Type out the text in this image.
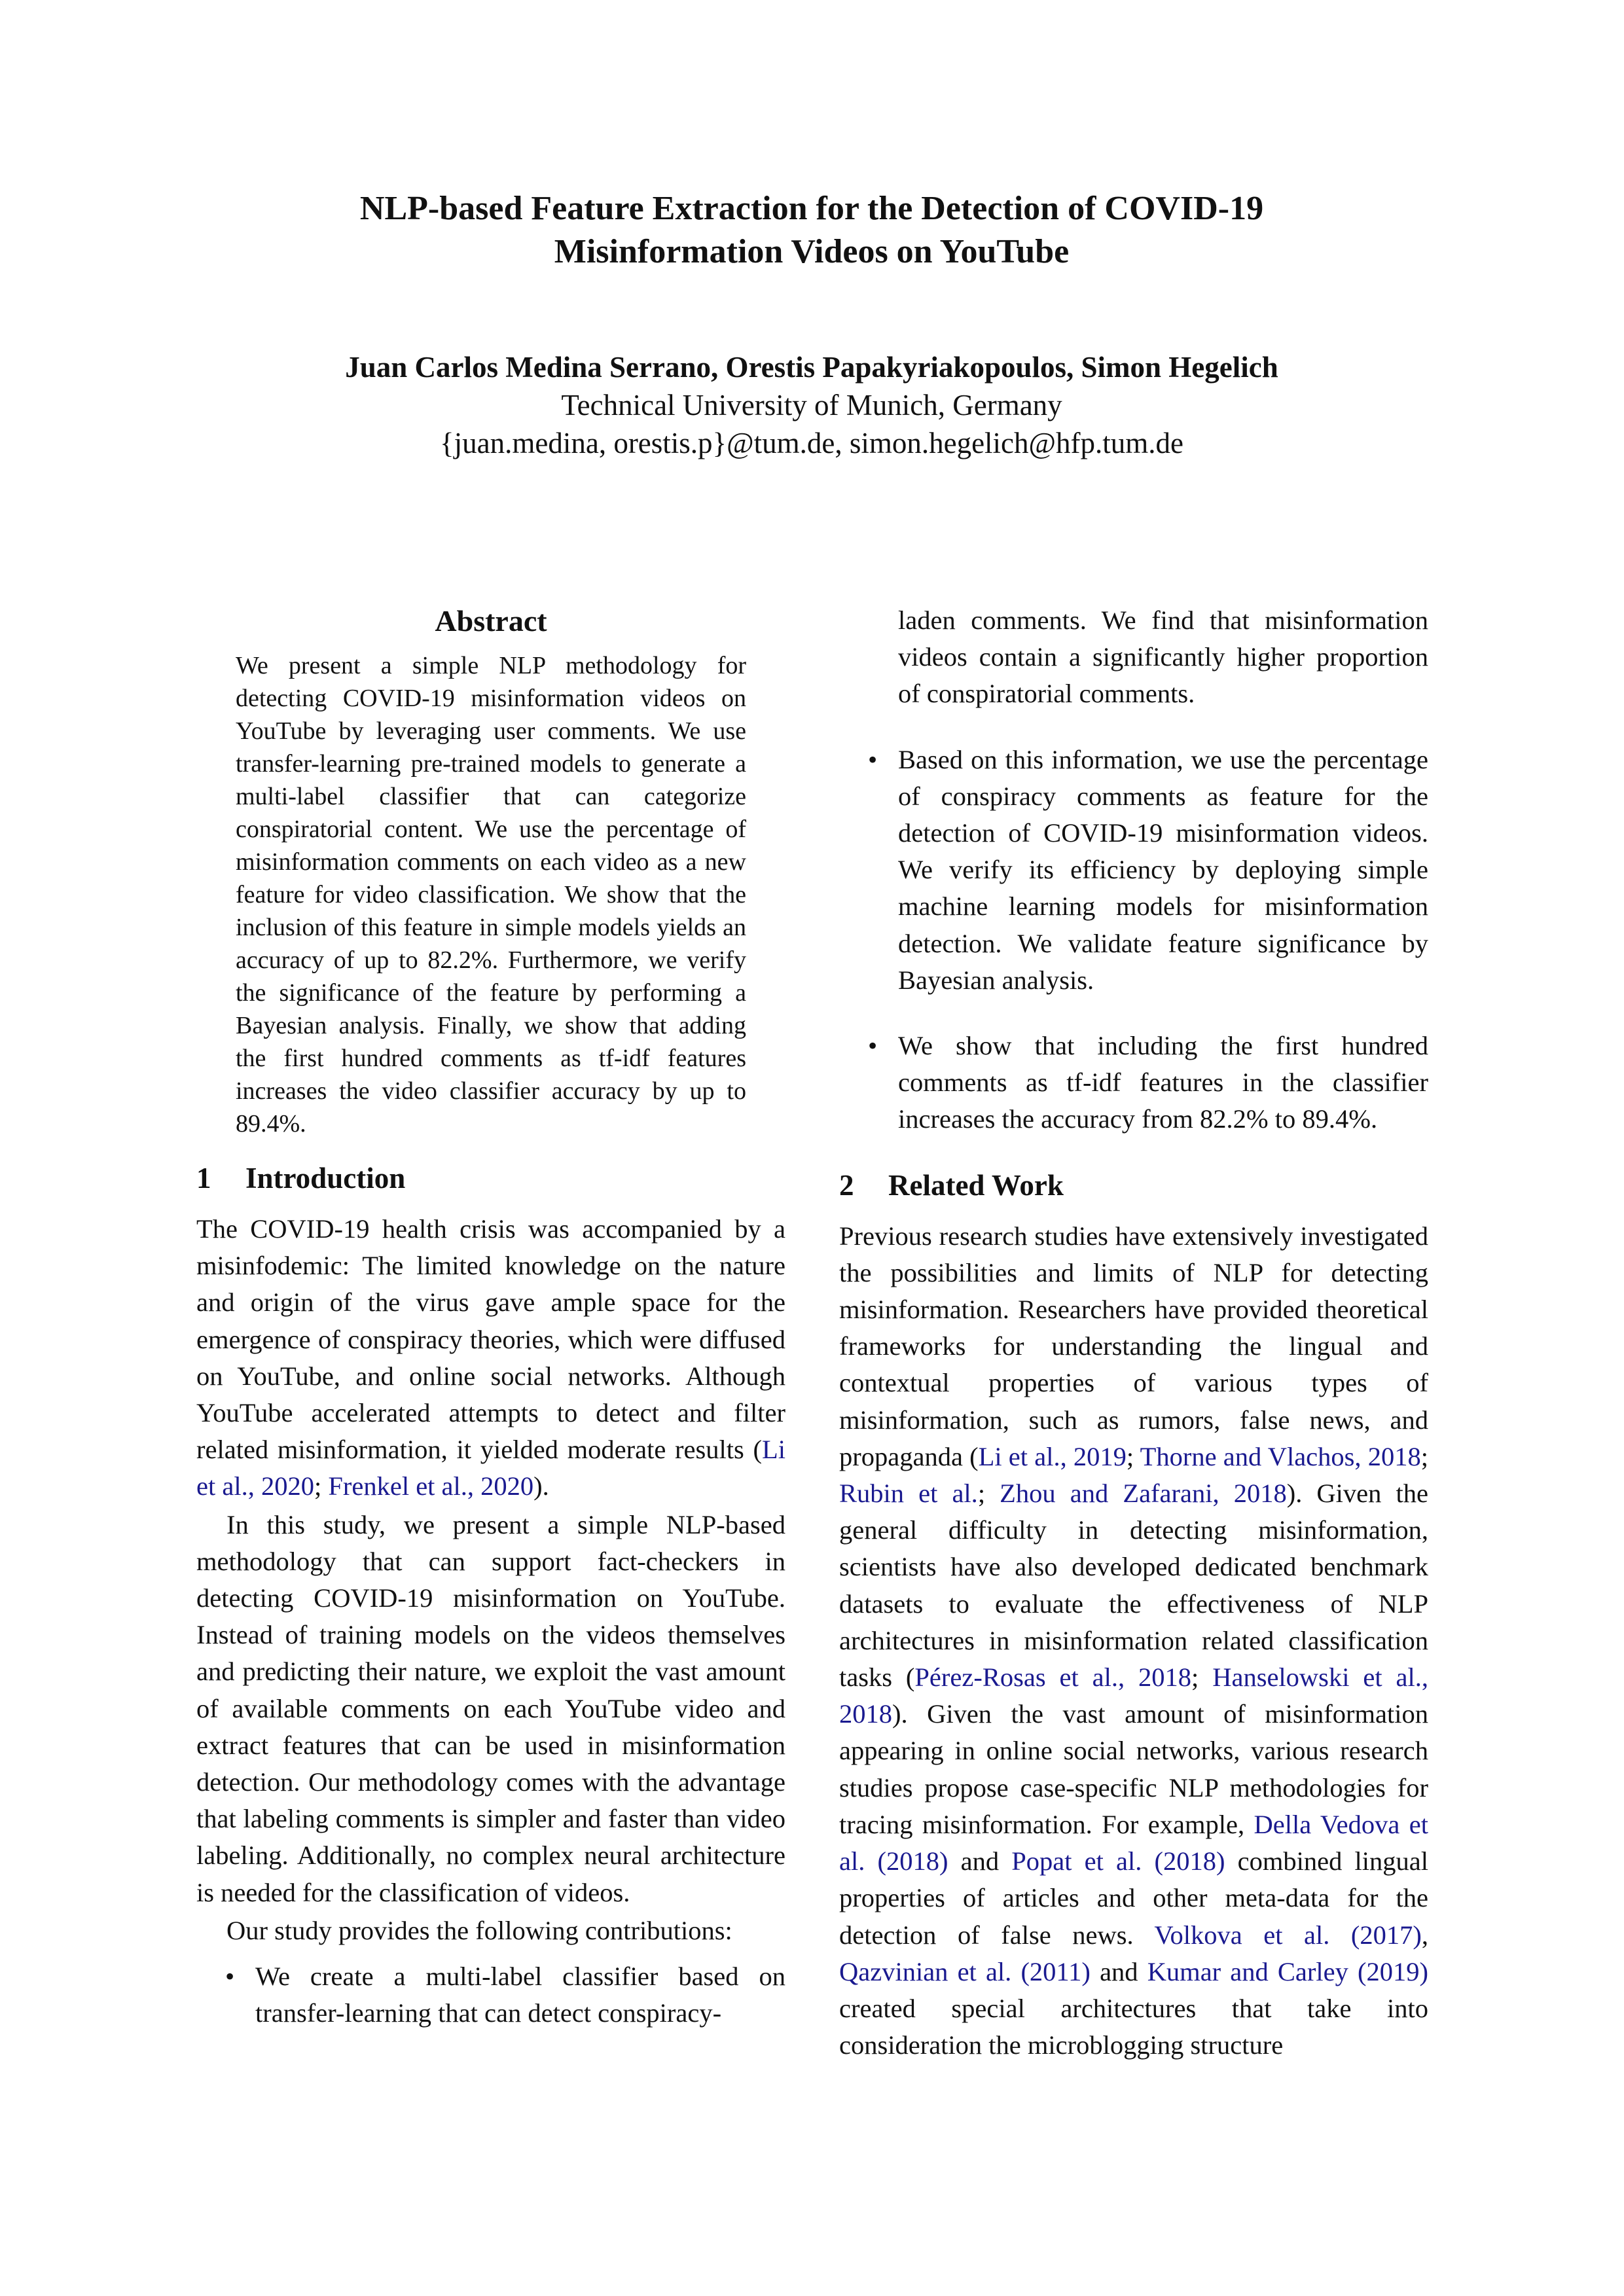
NLP-based Feature Extraction for the Detection of COVID-19
Misinformation Videos on YouTube
Juan Carlos Medina Serrano, Orestis Papakyriakopoulos, Simon Hegelich
Technical University of Munich, Germany
{juan.medina, orestis.p}@tum.de, simon.hegelich@hfp.tum.de
Abstract

We present a simple NLP methodology for detecting COVID-19 misinformation videos on YouTube by leveraging user comments. We use transfer-learning pre-trained models to generate a multi-label classifier that can categorize conspiratorial content. We use the percentage of misinformation comments on each video as a new feature for video classification. We show that the inclusion of this feature in simple models yields an accuracy of up to 82.2%. Furthermore, we verify the significance of the feature by performing a Bayesian analysis. Finally, we show that adding the first hundred comments as tf-idf features increases the video classifier accuracy by up to 89.4%.

1 Introduction

The COVID-19 health crisis was accompanied by a misinfodemic: The limited knowledge on the nature and origin of the virus gave ample space for the emergence of conspiracy theories, which were diffused on YouTube, and online social networks. Although YouTube accelerated attempts to detect and filter related misinformation, it yielded moderate results (Li et al., 2020; Frenkel et al., 2020).

In this study, we present a simple NLP-based methodology that can support fact-checkers in detecting COVID-19 misinformation on YouTube. Instead of training models on the videos themselves and predicting their nature, we exploit the vast amount of available comments on each YouTube video and extract features that can be used in misinformation detection. Our methodology comes with the advantage that labeling comments is simpler and faster than video labeling. Additionally, no complex neural architecture is needed for the classification of videos.

Our study provides the following contributions:

• We create a multi-label classifier based on transfer-learning that can detect conspiracy-
laden comments. We find that misinformation videos contain a significantly higher proportion of conspiratorial comments.
• Based on this information, we use the percentage of conspiracy comments as feature for the detection of COVID-19 misinformation videos. We verify its efficiency by deploying simple machine learning models for misinformation detection. We validate feature significance by Bayesian analysis.
• We show that including the first hundred comments as tf-idf features in the classifier increases the accuracy from 82.2% to 89.4%.
2 Related Work

Previous research studies have extensively investigated the possibilities and limits of NLP for detecting misinformation. Researchers have provided theoretical frameworks for understanding the lingual and contextual properties of various types of misinformation, such as rumors, false news, and propaganda (Li et al., 2019; Thorne and Vlachos, 2018; Rubin et al.; Zhou and Zafarani, 2018). Given the general difficulty in detecting misinformation, scientists have also developed dedicated benchmark datasets to evaluate the effectiveness of NLP architectures in misinformation related classification tasks (Pérez-Rosas et al., 2018; Hanselowski et al., 2018). Given the vast amount of misinformation appearing in online social networks, various research studies propose case-specific NLP methodologies for tracing misinformation. For example, Della Vedova et al. (2018) and Popat et al. (2018) combined lingual properties of articles and other meta-data for the detection of false news. Volkova et al. (2017), Qazvinian et al. (2011) and Kumar and Carley (2019) created special architectures that take into consideration the microblogging structure
